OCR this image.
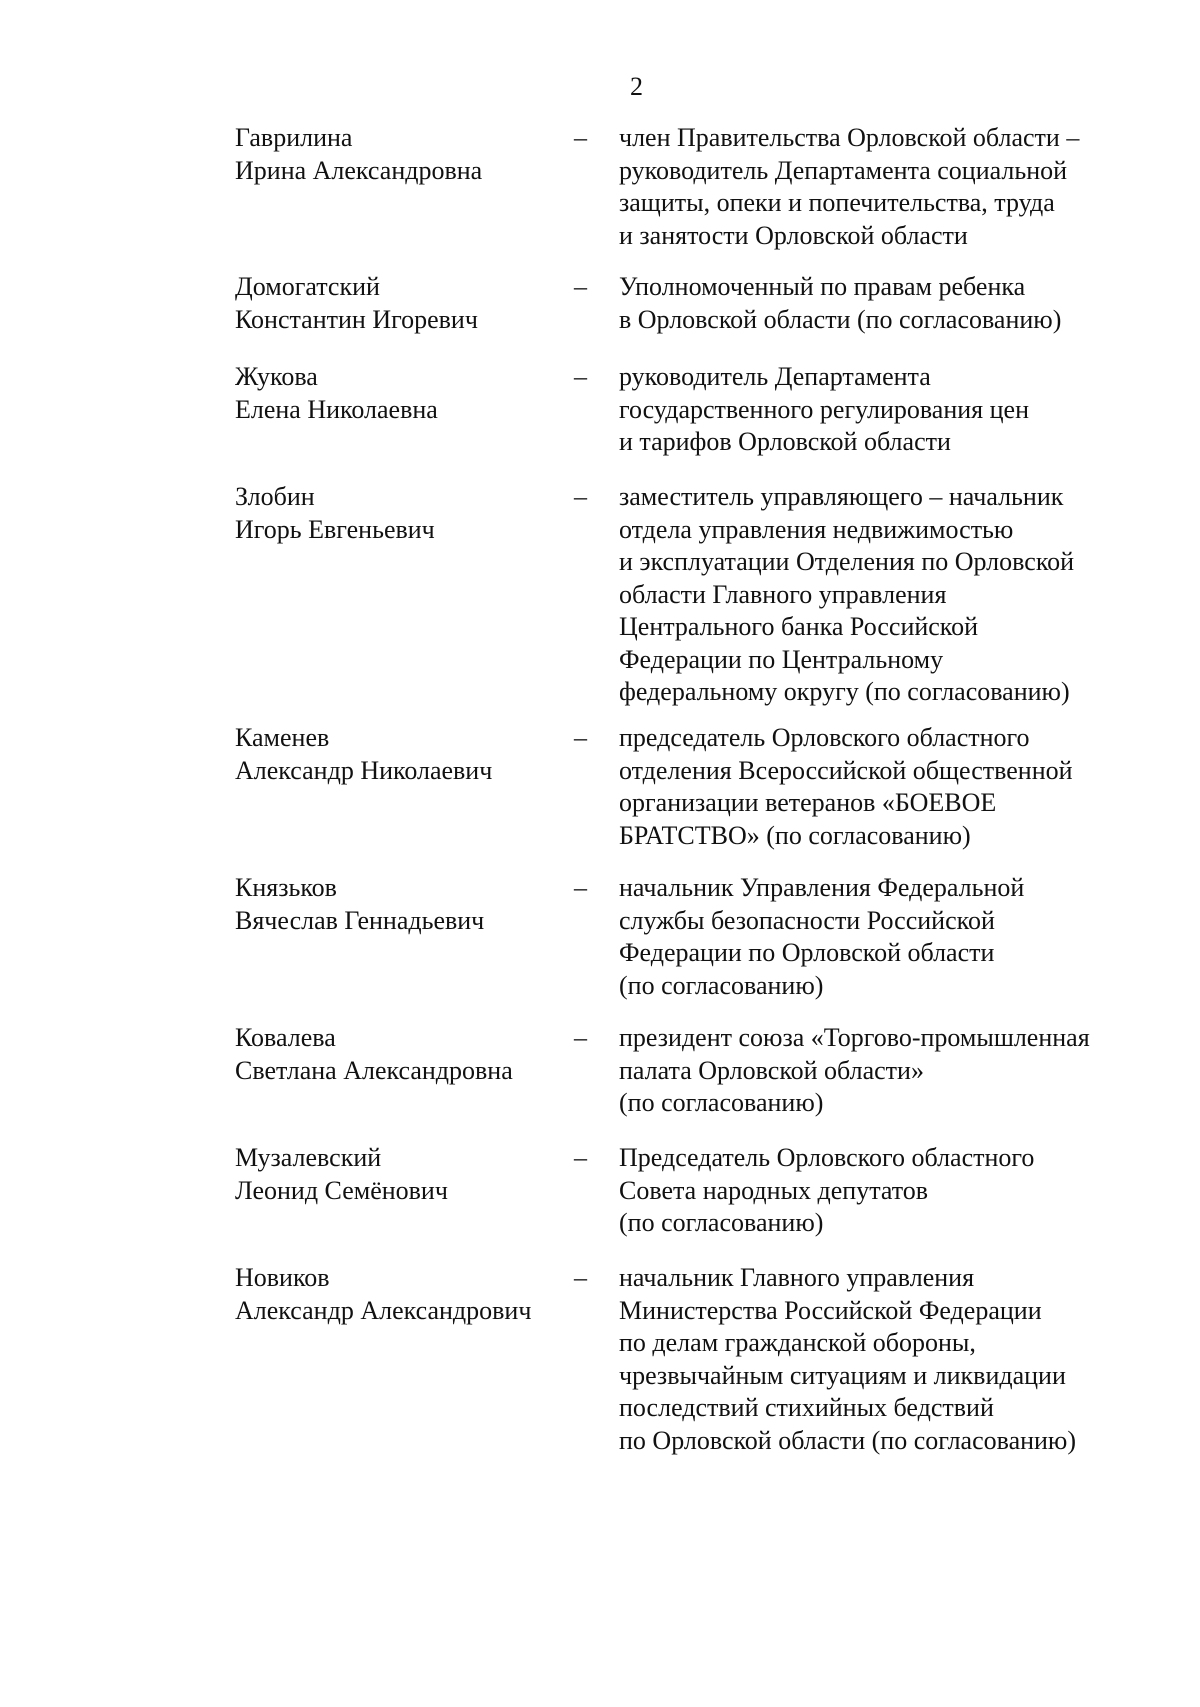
2
Гаврилина
Ирина Александровна
– член Правительства Орловской области –
руководитель Департамента социальной
защиты, опеки и попечительства, труда
и занятости Орловской области
Домогатский
Константин Игоревич
– Уполномоченный по правам ребенка
в Орловской области (по согласованию)
Жукова
Елена Николаевна
– руководитель Департамента
государственного регулирования цен
и тарифов Орловской области
Злобин
Игорь Евгеньевич
– заместитель управляющего – начальник
отдела управления недвижимостью
и эксплуатации Отделения по Орловской
области Главного управления
Центрального банка Российской
Федерации по Центральному
федеральному округу (по согласованию)
Каменев
Александр Николаевич
– председатель Орловского областного
отделения Всероссийской общественной
организации ветеранов «БОЕВОЕ
БРАТСТВО» (по согласованию)
Князьков
Вячеслав Геннадьевич
– начальник Управления Федеральной
службы безопасности Российской
Федерации по Орловской области
(по согласованию)
Ковалева
Светлана Александровна
– президент союза «Торгово-промышленная
палата Орловской области»
(по согласованию)
Музалевский
Леонид Семёнович
– Председатель Орловского областного
Совета народных депутатов
(по согласованию)
Новиков
Александр Александрович
– начальник Главного управления
Министерства Российской Федерации
по делам гражданской обороны,
чрезвычайным ситуациям и ликвидации
последствий стихийных бедствий
по Орловской области (по согласованию)
